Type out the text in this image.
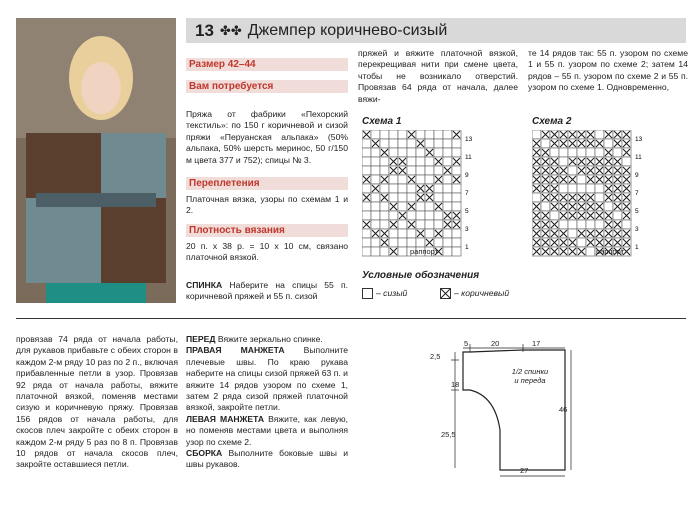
13 ✤✤ Джемпер коричнево-сизый
Размер 42–44
Вам потребуется
Пряжа от фабрики «Пехорский текстиль»: по 150 г коричневой и сизой пряжи «Перуанская альпака» (50% альпака, 50% шерсть меринос, 50 г/150 м цвета 377 и 752); спицы № 3.
Переплетения
Платочная вязка, узоры по схемам 1 и 2.
Плотность вязания
20 п. х 38 р. = 10 х 10 см, связано платочной вязкой.
СПИНКА Наберите на спицы 55 п. коричневой пряжей и 55 п. сизой
пряжей и вяжите платочной вязкой, перекрещивая нити при смене цвета, чтобы не возникало отверстий. Провязав 64 ряда от начала, далее вяжи-
те 14 рядов так: 55 п. узором по схеме 1 и 55 п. узором по схеме 2; затем 14 рядов – 55 п. узором по схеме 2 и 55 п. узором по схеме 1. Одновременно,
Схема 1
13
11
9
7
5
3
1
Схема 2
13
11
9
7
5
3
1
раппорт	раппорт
Условные обозначения
– сизый	– коричневый
провязав 74 ряда от начала работы, для рукавов прибавьте с обеих сторон в каждом 2-м ряду 10 раз по 2 п., включая прибавленные петли в узор. Провязав 92 ряда от начала работы, вяжите платочной вязкой, поменяв местами сизую и коричневую пряжу. Провязав 156 рядов от начала работы, для скосов плеч закройте с обеих сторон в каждом 2-м ряду 5 раз по 8 п. Провязав 10 рядов от начала скосов плеч, закройте оставшиеся петли.
ПЕРЕД Вяжите зеркально спинке.
ПРАВАЯ МАНЖЕТА Выполните плечевые швы. По краю рукава наберите на спицы сизой пряжей 63 п. и вяжите 14 рядов узором по схеме 1, затем 2 ряда сизой пряжей платочной вязкой, закройте петли.
ЛЕВАЯ МАНЖЕТА Вяжите, как левую, но поменяв местами цвета и выполняя узор по схеме 2.
СБОРКА Выполните боковые швы и швы рукавов.
5	20	17
2,5
18
25,5
46
27
1/2 спинки и переда
